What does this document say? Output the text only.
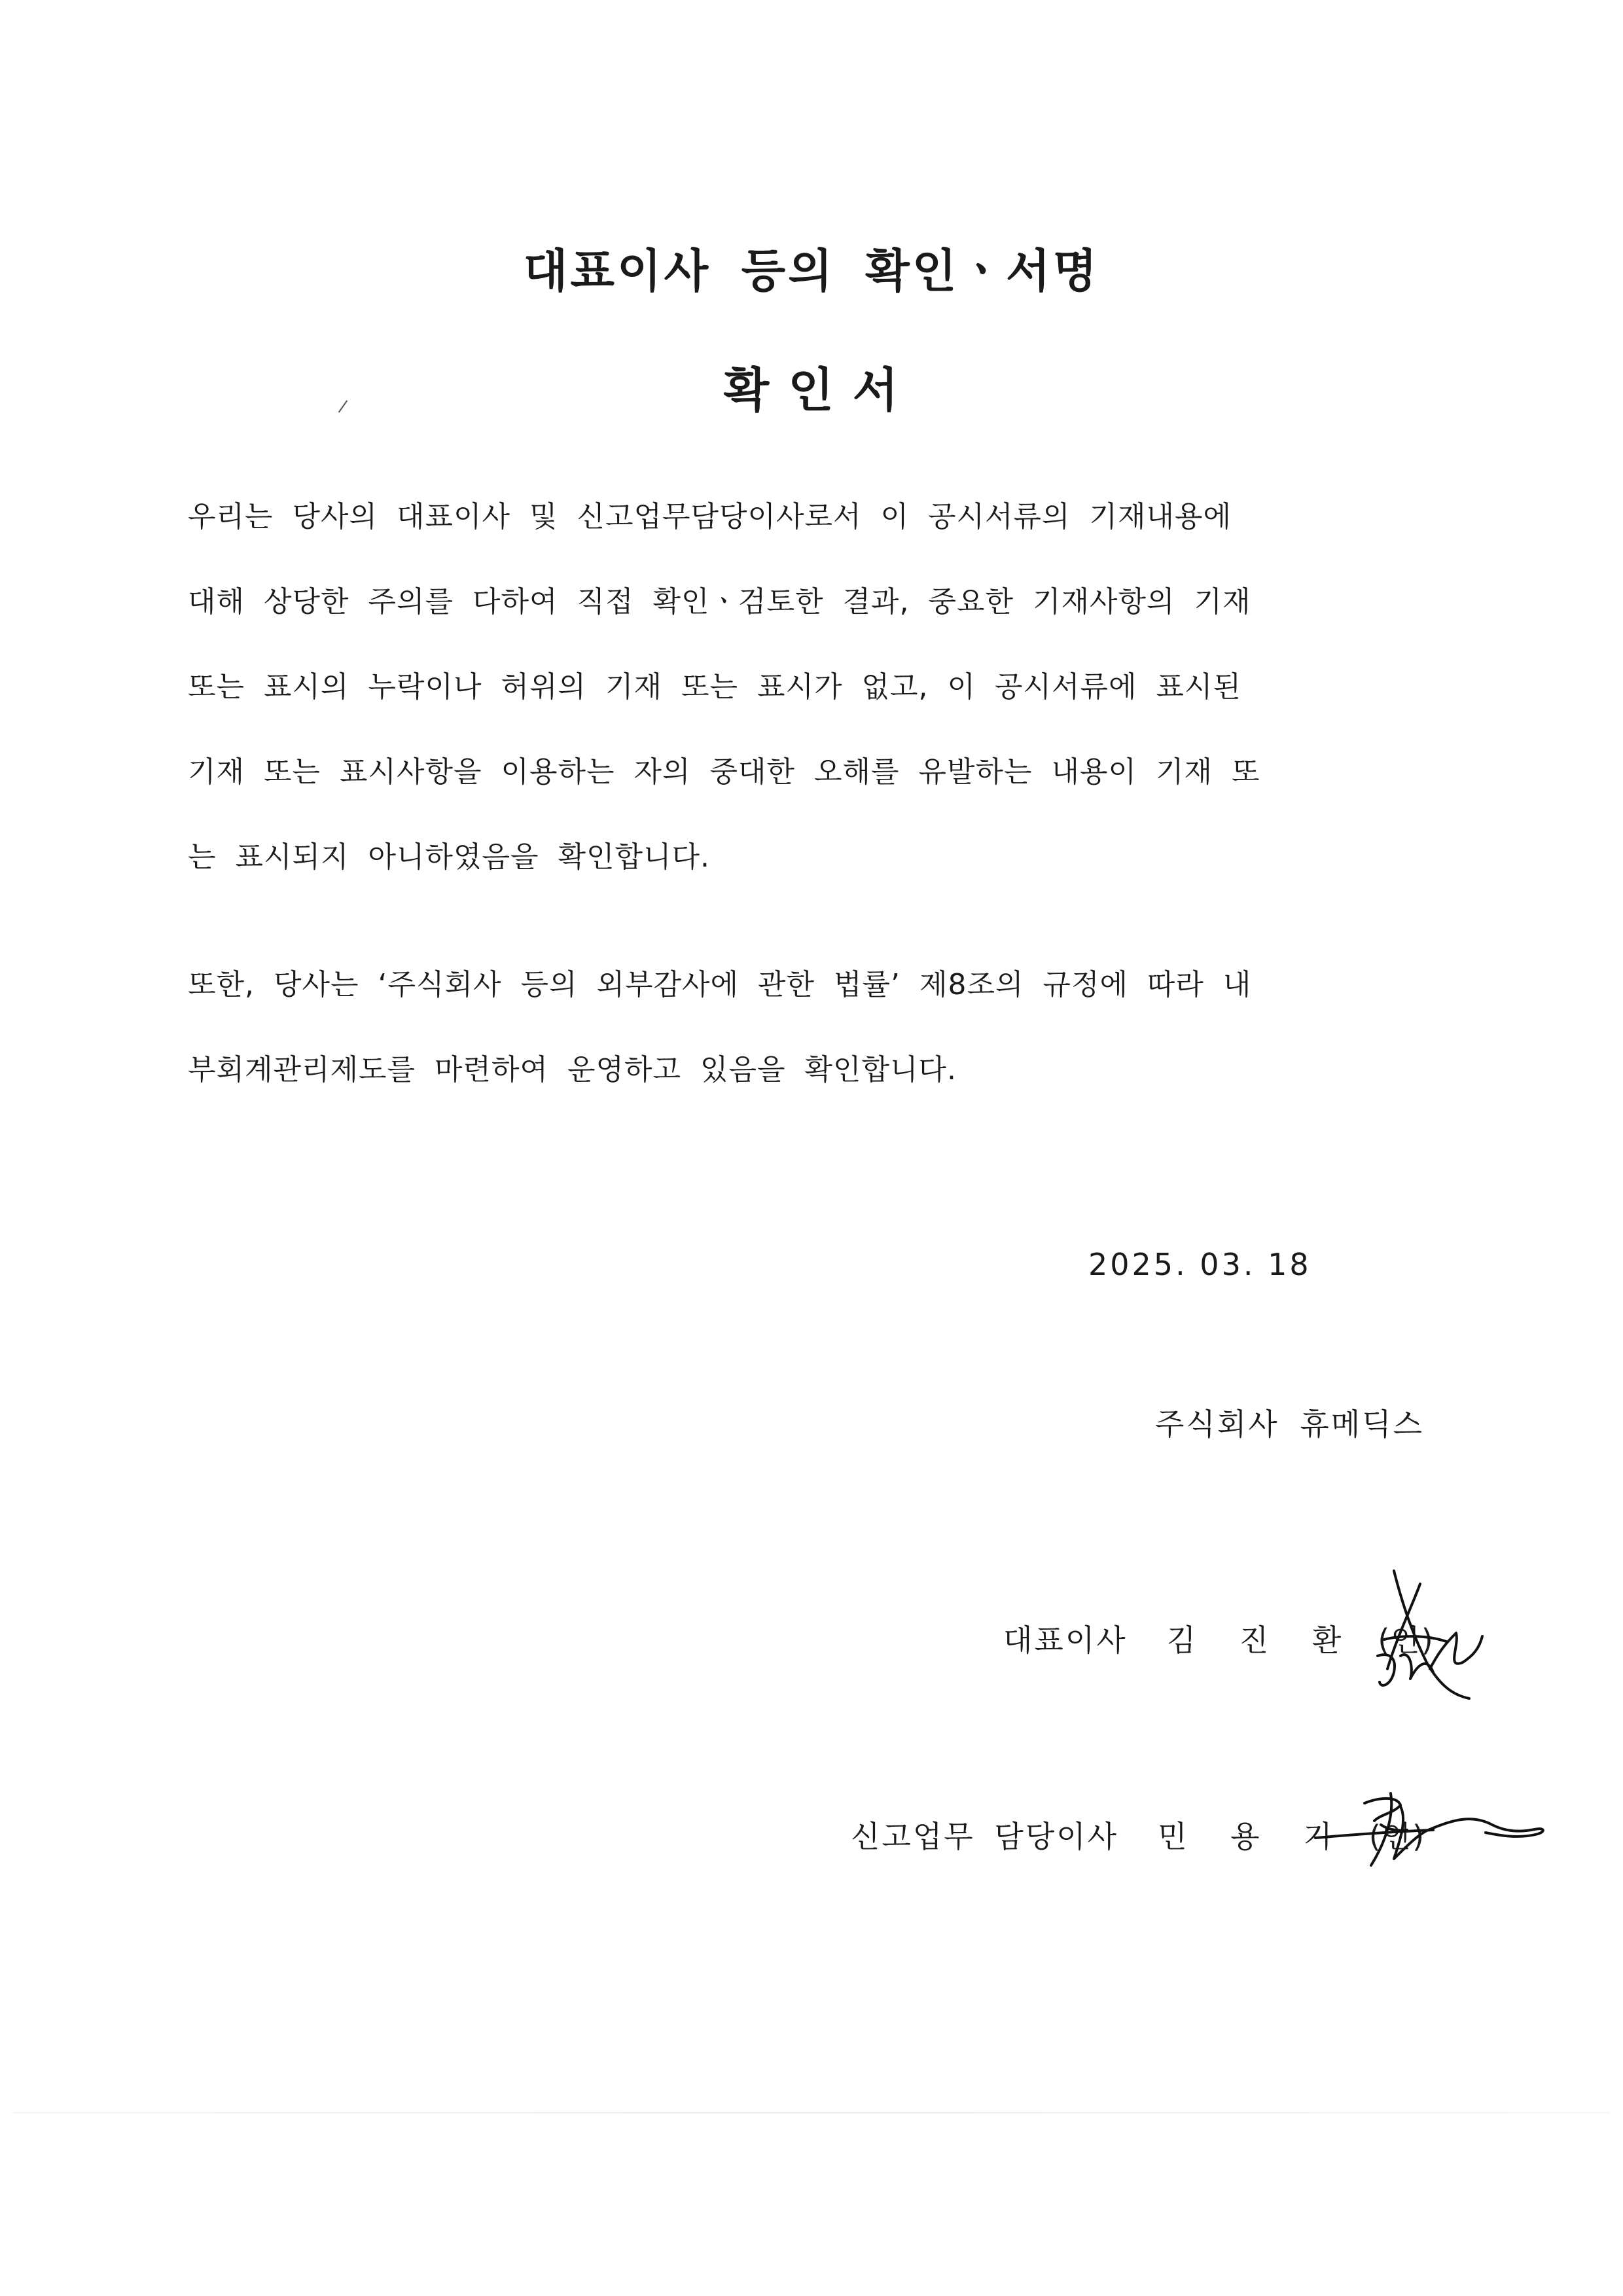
대표이사 등의 확인ㆍ서명
확 인 서
우리는 당사의 대표이사 및 신고업무담당이사로서 이 공시서류의 기재내용에
대해 상당한 주의를 다하여 직접 확인ㆍ검토한 결과, 중요한 기재사항의 기재
또는 표시의 누락이나 허위의 기재 또는 표시가 없고, 이 공시서류에 표시된
기재 또는 표시사항을 이용하는 자의 중대한 오해를 유발하는 내용이 기재 또
는 표시되지 아니하였음을 확인합니다.
또한, 당사는 ‘주식회사 등의 외부감사에 관한 법률’ 제8조의 규정에 따라 내
부회계관리제도를 마련하여 운영하고 있음을 확인합니다.
2025. 03. 18
주식회사 휴메딕스
대표이사 김 진 환 (인)
신고업무 담당이사 민 용 기 (인)
